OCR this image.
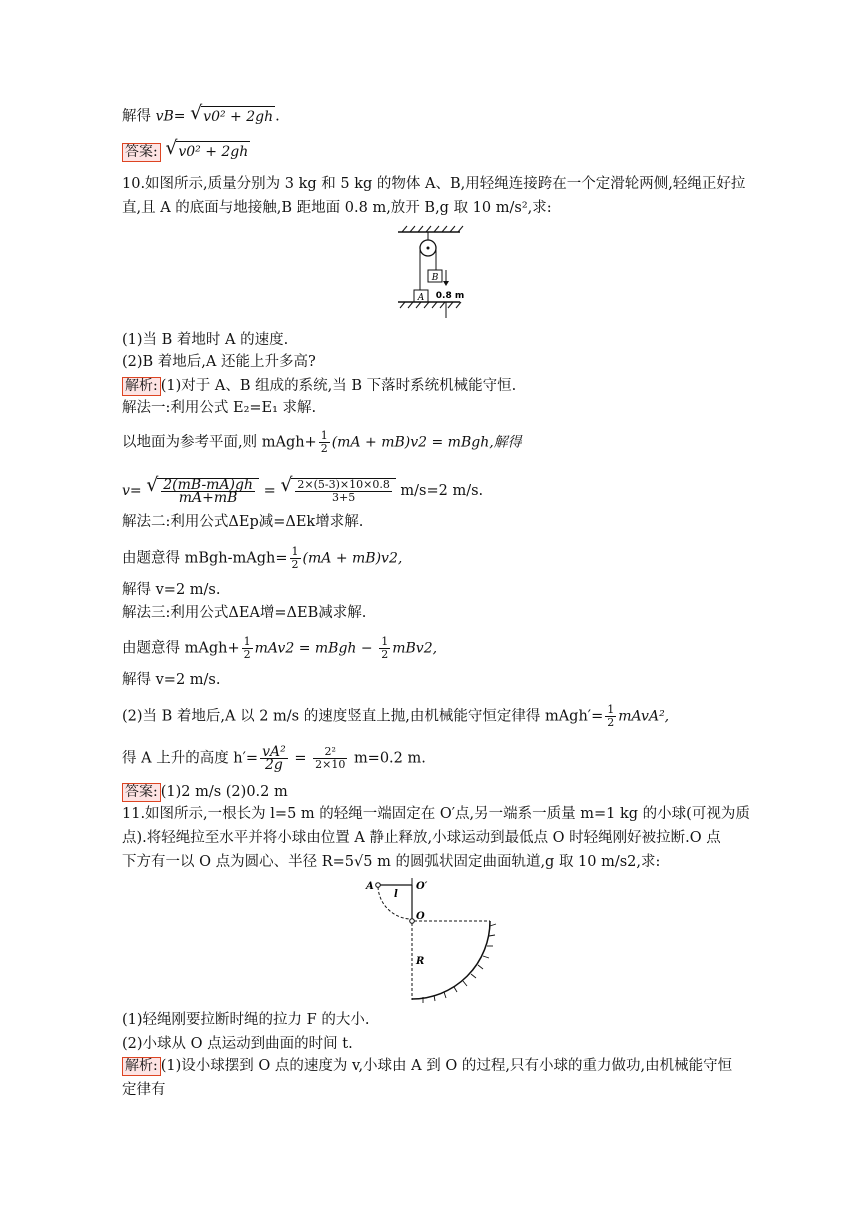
解得 vB= √ v0² + 2gh .
答案: √ v0² + 2gh
10.如图所示,质量分别为 3 kg 和 5 kg 的物体 A、B,用轻绳连接跨在一个定滑轮两侧,轻绳正好拉
直,且 A 的底面与地接触,B 距地面 0.8 m,放开 B,g 取 10 m/s²,求:
B
A 0.8 m
(1)当 B 着地时 A 的速度.
(2)B 着地后,A 还能上升多高?
解析: (1)对于 A、B 组成的系统,当 B 下落时系统机械能守恒.
解法一:利用公式 E₂=E₁ 求解.
以地面为参考平面,则 mAgh+ $\frac{1}{2} (mA + mB)v2$ = mBgh,解得
v= √ $\frac{2(mB-mA)gh}{mA+mB}$ = √ $\frac{2\times(5-3)\times 10\times 0.8}{3+5} m/s=2$ m/s.
解法二:利用公式ΔEp减=ΔEk增求解.
由题意得 mBgh-mAgh= $\frac{1}{2} (mA + mB)v2$,
解得 v=2 m/s.
解法三:利用公式ΔEA增=ΔEB减求解.
由题意得 mAgh+ $\frac{1}{2} mAv2$ = mBgh − $\frac{1}{2} mBv2$,
解得 v=2 m/s.
(2)当 B 着地后,A 以 2 m/s 的速度竖直上抛,由机械能守恒定律得 mAgh′= $\frac{1}{2}$ mAvA²,
得 A 上升的高度 $h'= \frac{\text{vA²}}{2g} = \frac{\text{2²}}{2\times 10} m=0.2$ m.
答案: (1)2 m/s (2)0.2 m
11.如图所示,一根长为 l=5 m 的轻绳一端固定在 O′点,另一端系一质量 m=1 kg 的小球(可视为质
点).将轻绳拉至水平并将小球由位置 A 静止释放,小球运动到最低点 O 时轻绳刚好被拉断.O 点
下方有一以 O 点为圆心、半径 R=5√5 m 的圆弧状固定曲面轨道,g 取 10 m/s2,求:
A
l
O′
O
R
(1)轻绳刚要拉断时绳的拉力 F 的大小.
(2)小球从 O 点运动到曲面的时间 t.
解析: (1)设小球摆到 O 点的速度为 v,小球由 A 到 O 的过程,只有小球的重力做功,由机械能守恒
定律有
